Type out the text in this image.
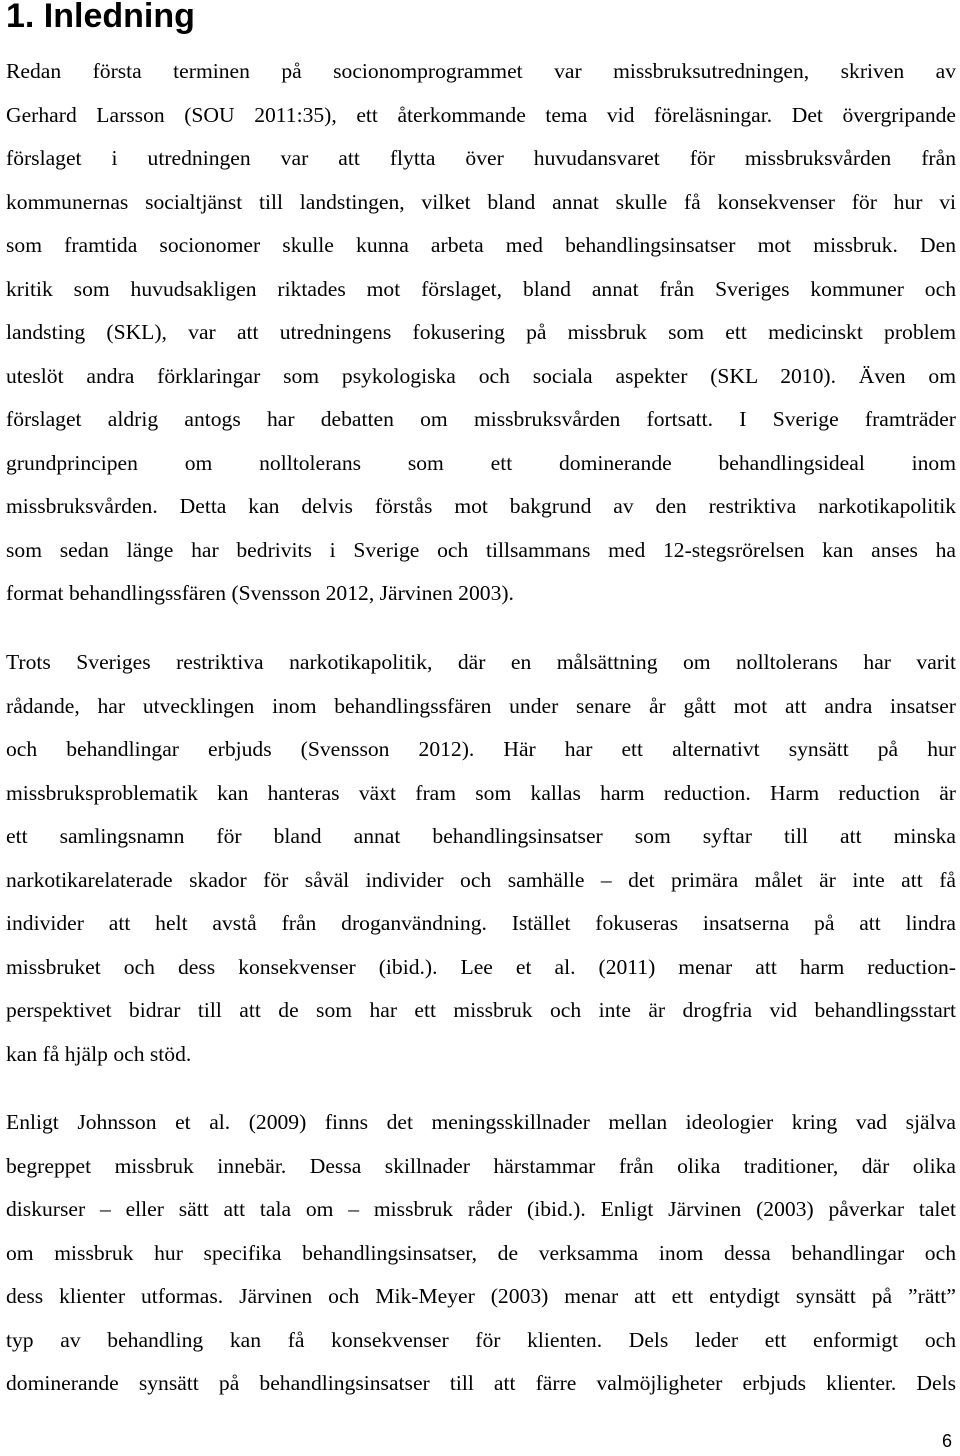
1. Inledning

Redan första terminen på socionomprogrammet var missbruksutredningen, skriven av
Gerhard Larsson (SOU 2011:35), ett återkommande tema vid föreläsningar. Det övergripande
förslaget i utredningen var att flytta över huvudansvaret för missbruksvården från
kommunernas socialtjänst till landstingen, vilket bland annat skulle få konsekvenser för hur vi
som framtida socionomer skulle kunna arbeta med behandlingsinsatser mot missbruk. Den
kritik som huvudsakligen riktades mot förslaget, bland annat från Sveriges kommuner och
landsting (SKL), var att utredningens fokusering på missbruk som ett medicinskt problem
uteslöt andra förklaringar som psykologiska och sociala aspekter (SKL 2010). Även om
förslaget aldrig antogs har debatten om missbruksvården fortsatt. I Sverige framträder
grundprincipen om nolltolerans som ett dominerande behandlingsideal inom
missbruksvården. Detta kan delvis förstås mot bakgrund av den restriktiva narkotikapolitik
som sedan länge har bedrivits i Sverige och tillsammans med 12-stegsrörelsen kan anses ha
format behandlingssfären (Svensson 2012, Järvinen 2003).

Trots Sveriges restriktiva narkotikapolitik, där en målsättning om nolltolerans har varit
rådande, har utvecklingen inom behandlingssfären under senare år gått mot att andra insatser
och behandlingar erbjuds (Svensson 2012). Här har ett alternativt synsätt på hur
missbruksproblematik kan hanteras växt fram som kallas harm reduction. Harm reduction är
ett samlingsnamn för bland annat behandlingsinsatser som syftar till att minska
narkotikarelaterade skador för såväl individer och samhälle – det primära målet är inte att få
individer att helt avstå från droganvändning. Istället fokuseras insatserna på att lindra
missbruket och dess konsekvenser (ibid.). Lee et al. (2011) menar att harm reduction-
perspektivet bidrar till att de som har ett missbruk och inte är drogfria vid behandlingsstart
kan få hjälp och stöd.

Enligt Johnsson et al. (2009) finns det meningsskillnader mellan ideologier kring vad själva
begreppet missbruk innebär. Dessa skillnader härstammar från olika traditioner, där olika
diskurser – eller sätt att tala om – missbruk råder (ibid.). Enligt Järvinen (2003) påverkar talet
om missbruk hur specifika behandlingsinsatser, de verksamma inom dessa behandlingar och
dess klienter utformas. Järvinen och Mik-Meyer (2003) menar att ett entydigt synsätt på ”rätt”
typ av behandling kan få konsekvenser för klienten. Dels leder ett enformigt och
dominerande synsätt på behandlingsinsatser till att färre valmöjligheter erbjuds klienter. Dels

6
